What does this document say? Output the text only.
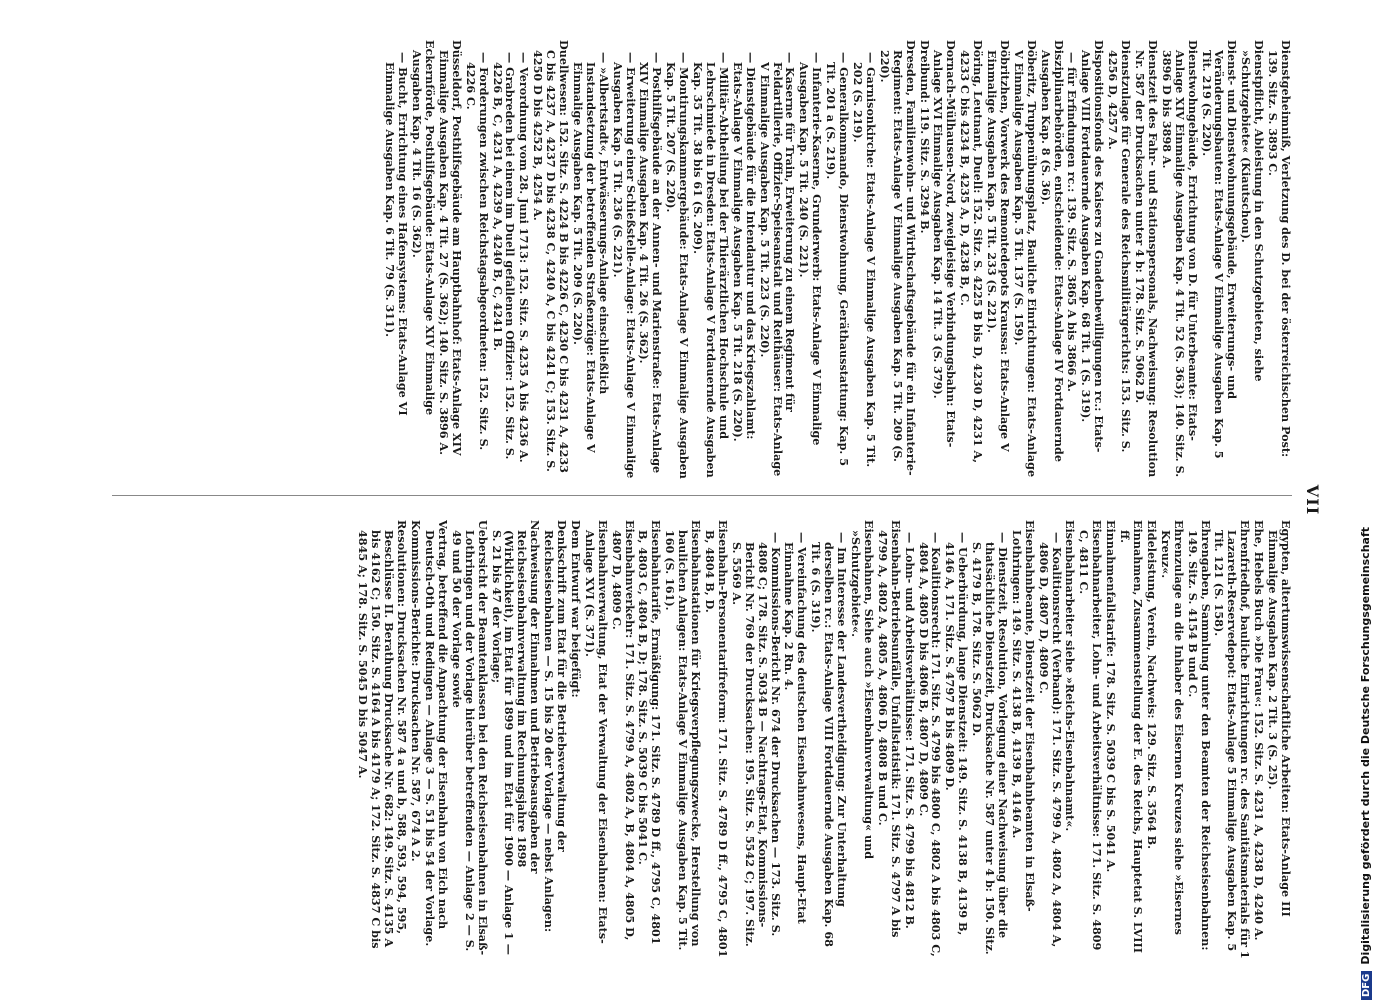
VII
Dienstgeheimniß, Verletzung des D. bei der österreichischen Post: 139. Sitz. S. 3893 C.
Dienstpflicht, Ableistung in den Schutzgebieten, siehe »Schutzgebiete« (Kiautschou).
Dienst- und Dienstwohnungsgebäude, Erweiterungs- und Veränderungsbauten: Etats-Anlage V Einmalige Ausgaben Kap. 5 Tit. 219 (S. 220).
Dienstwohngebäude, Errichtung von D. für Unterbeamte: Etats-Anlage XIV Einmalige Ausgaben Kap. 4 Tit. 52 (S. 363); 140. Sitz. S. 3896 D bis 3898 A.
Dienstzeit des Fahr- und Stationspersonals, Nachweisung: Resolution Nr. 587 der Drucksachen unter 4 b: 178. Sitz. S. 5062 D.
Dienstzulage für Generale des Reichsmilitärgerichts: 153. Sitz. S. 4256 D, 4257 A.
Dispositionsfonds des Kaisers zu Gnadenbewilligungen rc.: Etats-Anlage VIII Fortdauernde Ausgaben Kap. 68 Tit. 1 (S. 319).
— für Erfindungen rc.: 139. Sitz. S. 3865 A bis 3866 A.
Disziplinarbehörden, entscheidende: Etats-Anlage IV Fortdauernde Ausgaben Kap. 8 (S. 36).
Döberitz, Truppenübungsplatz, Bauliche Einrichtungen: Etats-Anlage V Einmalige Ausgaben Kap. 5 Tit. 137 (S. 159).
Döbritzhen, Vorwerk des Remontedepots Kraussa: Etats-Anlage V Einmalige Ausgaben Kap. 5 Tit. 233 (S. 221).
Döring, Leutnant, Duell: 152. Sitz. S. 4225 B bis D, 4230 D, 4231 A, 4233 C bis 4234 B, 4235 A, D, 4238 B, C.
Dornach-Mülhausen-Nord, zweigleisige Verbindungsbahn: Etats-Anlage XVI Einmalige Ausgaben Kap. 14 Tit. 3 (S. 379).
Dreibund: 119. Sitz. S. 3294 B.
Dresden, Familienwohn- und Wirthschaftsgebäude für ein Infanterie-Regiment: Etats-Anlage V Einmalige Ausgaben Kap. 5 Tit. 209 (S. 220).
— Garnisonkirche: Etats-Anlage V Einmalige Ausgaben Kap. 5 Tit. 202 (S. 219).
— Generalkommando, Dienstwohnung, Geräthausstattung: Kap. 5 Tit. 201 a (S. 219).
— Infanterie-Kaserne, Grunderwerb: Etats-Anlage V Einmalige Ausgaben Kap. 5 Tit. 240 (S. 221).
— Kaserne für Train, Erweiterung zu einem Regiment für Feldartillerie, Offizier-Speiseanstalt und Reithäuser: Etats-Anlage V Einmalige Ausgaben Kap. 5 Tit. 223 (S. 220).
— Dienstgebäude für die Intendantur und das Kriegszahlamt: Etats-Anlage V Einmalige Ausgaben Kap. 5 Tit. 218 (S. 220).
— Militär-Abtheilung bei der Thierärztlichen Hochschule und Lehrschmiede in Dresden: Etats-Anlage V Fortdauernde Ausgaben Kap. 35 Tit. 38 bis 61 (S. 209).
— Montirungskammergebäude: Etats-Anlage V Einmalige Ausgaben Kap. 5 Tit. 207 (S. 220).
— Posthilfsgebäude an der Annen- und Marienstraße: Etats-Anlage XIV Einmalige Ausgaben Kap. 4 Tit. 26 (S. 362).
— Erweiterung einer Schießstelle-Anlage: Etats-Anlage V Einmalige Ausgaben Kap. 5 Tit. 236 (S. 221).
— »Albertstadt«, Entwässerungs-Anlage einschließlich Instandsetzung der betreffenden Straßenzüge: Etats-Anlage V Einmalige Ausgaben Kap. 5 Tit. 209 (S. 220).
Duellwesen: 152. Sitz. S. 4224 B bis 4226 C, 4230 C bis 4231 A, 4233 C bis 4237 A, 4237 D bis 4238 C, 4240 A, C bis 4241 C; 153. Sitz. S. 4250 D bis 4252 B, 4254 A.
— Verordnung vom 28. Juni 1713: 152. Sitz. S. 4235 A bis 4236 A.
— Grabreden bei einem im Duell gefallenen Offizier: 152. Sitz. S. 4226 B, C, 4231 A, 4239 A, 4240 B, C, 4241 B.
— Forderungen zwischen Reichstagsabgeordneten: 152. Sitz. S. 4226 C.
Düsseldorf, Posthilfsgebäude am Hauptbahnhof: Etats-Anlage XIV Einmalige Ausgaben Kap. 4 Tit. 27 (S. 362); 140. Sitz. S. 3896 A.
Eckernförde, Posthilfsgebäude: Etats-Anlage XIV Einmalige Ausgaben Kap. 4 Tit. 16 (S. 362).
— Bucht, Errichtung eines Hafensystems: Etats-Anlage VI Einmalige Ausgaben Kap. 6 Tit. 79 (S. 311).
Egypten, altertumswissenschaftliche Arbeiten: Etats-Anlage III Einmalige Ausgaben Kap. 2 Tit. 3 (S. 25).
Ehe, Hebels Buch »Die Frau«: 152. Sitz. S. 4231 A, 4238 D, 4240 A.
Ehrenfriedhof, bauliche Einrichtungen rc. des Sanitätsmaterials für 1 Lazareth-Reservedepot: Etats-Anlage 5 Einmalige Ausgaben Kap. 5 Tit. 121 (S. 158).
Ehrengaben, Sammlung unter den Beamten der Reichseisenbahnen: 149. Sitz. S. 4154 B und C.
Ehrenzulage an die Inhaber des Eisernen Kreuzes siehe »Eisernes Kreuz«.
Eideleistung, Verein, Nachweis: 129. Sitz. S. 3564 B.
Einnahmen, Zusammenstellung der E. des Reichs, Hauptetat S. LVIII ff.
Einnahmenfallstarife: 178. Sitz. S. 5039 C bis S. 5041 A.
Eisenbahnarbeiter, Lohn- und Arbeitsverhältnisse: 171. Sitz. S. 4809 C, 4811 C.
Eisenbahnarbeiter siehe »Reichs-Eisenbahnamt«.
— Koalitionsrecht (Verband): 171. Sitz. S. 4799 A, 4802 A, 4804 A, 4806 D, 4807 D, 4809 C.
Eisenbahnbeamte, Dienstzeit der Eisenbahnbeamten in Elsaß-Lothringen: 149. Sitz. S. 4138 B, 4139 B, 4146 A.
— Dienstzeit, Resolution, Vorlegung einer Nachweisung über die thatsächliche Dienstzeit, Drucksache Nr. 587 unter 4 b: 150. Sitz. S. 4179 B, 178. Sitz. S. 5062 D.
— Ueberbürdung, lange Dienstzeit: 149. Sitz. S. 4138 B, 4139 B, 4146 A, 171. Sitz. S. 4797 B bis 4809 D.
— Koalitionsrecht: 171. Sitz. S. 4799 bis 4800 C, 4802 A bis 4803 C, 4804 A, 4805 D bis 4806 B, 4807 D, 4809 C.
— Lohn- und Arbeitsverhältnisse: 171. Sitz. S. 4799 bis 4812 B.
Eisenbahn-Betriebsunfälle, Unfallstatistik: 171. Sitz. S. 4797 A bis 4799 A, 4802 A, 4805 A, 4806 D, 4808 B und C.
Eisenbahnen, Siehe auch »Eisenbahnverwaltung« und »Schutzgebiete«.
— Im Interesse der Landesvertheidigung: Zur Unterhaltung derselben rc.: Etats-Anlage VIII Fortdauernde Ausgaben Kap. 68 Tit. 6 (S. 319).
— Vereinfachung des deutschen Eisenbahnwesens, Haupt-Etat Einnahme Kap. 2 Rn. 4.
— Kommissions-Bericht Nr. 674 der Drucksachen — 173. Sitz. S. 4808 C; 178. Sitz. S. 5034 B — Nachtrags-Etat, Kommissions-Bericht Nr. 769 der Drucksachen: 195. Sitz. S. 5542 C; 197. Sitz. S. 5569 A.
Eisenbahn-Personentarifreform: 171. Sitz. S. 4789 D ff., 4795 C, 4801 B, 4804 B, D.
Eisenbahnstationen für Kriegsverpflegungszwecke, Herstellung von baulichen Anlagen: Etats-Anlage V Einmalige Ausgaben Kap. 5 Tit. 160 (S. 161).
Eisenbahntarife, Ermäßigung: 171. Sitz. S. 4789 D ff., 4795 C, 4801 B, 4803 C, 4804 B, D; 178. Sitz. S. 5039 C bis 5041 C.
Eisenbahnverkehr: 171. Sitz. S. 4799 A, 4802 A, B, 4804 A, 4805 D, 4807 D, 4809 C.
Eisenbahnverwaltung, Etat der Verwaltung der Eisenbahnen: Etats-Anlage XVI (S. 371).
Dem Entwurf war beigefügt:
Denkschrift zum Etat für die Betriebsverwaltung der Reichseisenbahnen — S. 15 bis 20 der Vorlage — nebst Anlagen:
Nachweisung der Einnahmen und Betriebsausgaben der Reichseisenbahnverwaltung im Rechnungsjahre 1898 (Wirklichkeit), im Etat für 1899 und im Etat für 1900 — Anlage 1 — S. 21 bis 47 der Vorlage;
Uebersicht der Beamtenklassen bei den Reichseisenbahnen in Elsaß-Lothringen und der Vorlage hierüber betreffenden — Anlage 2 — S. 49 und 50 der Vorlage sowie
Vertrag, betreffend die Anpachtung der Eisenbahn von Eich nach Deutsch-Oth und Redingen — Anlage 3 — S. 51 bis 54 der Vorlage.
Kommissions-Berichte: Drucksachen Nr. 587, 674 A 2.
Resolutionen: Drucksachen Nr. 587 4 a und b, 588, 593, 594, 595, Beschlüsse II. Berathung Drucksache Nr. 682: 149. Sitz. S. 4135 A bis 4162 C; 150. Sitz. S. 4164 A bis 4179 A; 172. Sitz. S. 4837 C bis 4845 A; 178. Sitz. S. 5045 D bis 5047 A.
DFGDigitalisierung gefördert durch die Deutsche Forschungsgemeinschaft
